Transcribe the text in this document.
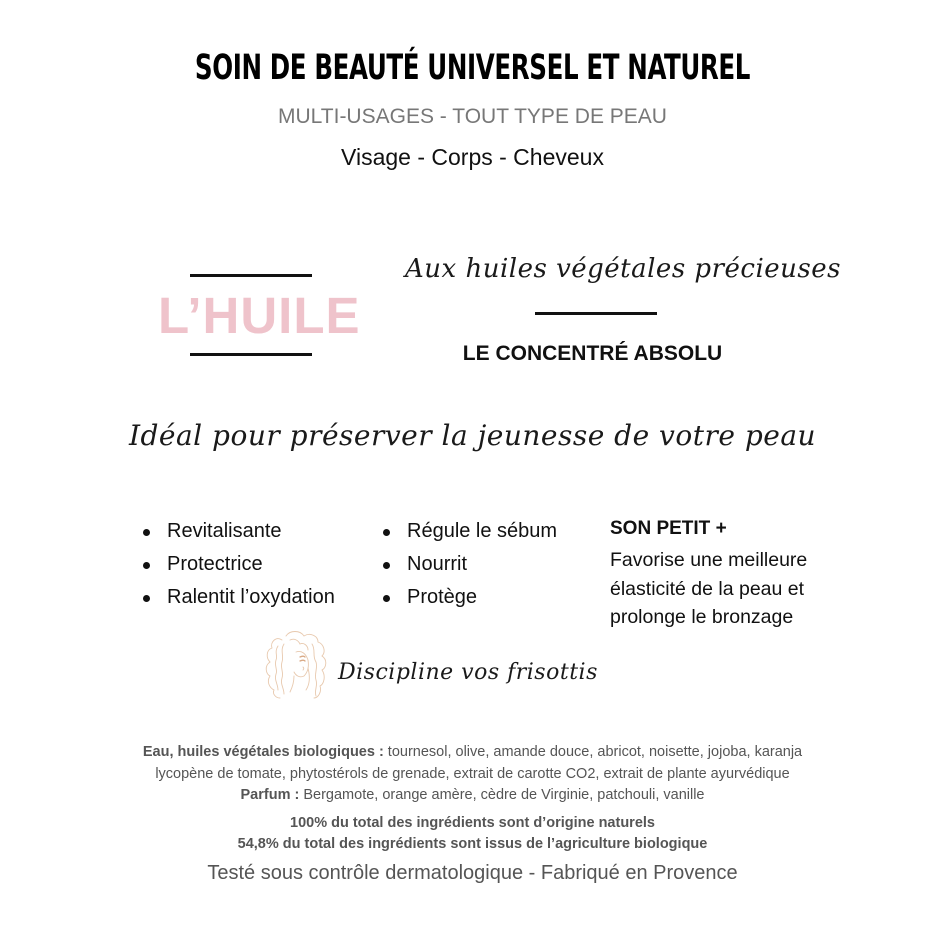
SOIN DE BEAUTÉ UNIVERSEL ET NATUREL
MULTI-USAGES - TOUT TYPE DE PEAU
Visage - Corps - Cheveux
L’HUILE
Aux huiles végétales précieuses
LE CONCENTRÉ ABSOLU
Idéal pour préserver la jeunesse de votre peau
Revitalisante
Protectrice
Ralentit l’oxydation
Régule le sébum
Nourrit
Protège
SON PETIT +
Favorise une meilleure élasticité de la peau et prolonge le bronzage
Discipline vos frisottis
Eau, huiles végétales biologiques : tournesol, olive, amande douce, abricot, noisette, jojoba, karanja
lycopène de tomate, phytostérols de grenade, extrait de carotte CO2, extrait de plante ayurvédique
Parfum : Bergamote, orange amère, cèdre de Virginie, patchouli, vanille
100% du total des ingrédients sont d’origine naturels
54,8% du total des ingrédients sont issus de l’agriculture biologique
Testé sous contrôle dermatologique - Fabriqué en Provence
